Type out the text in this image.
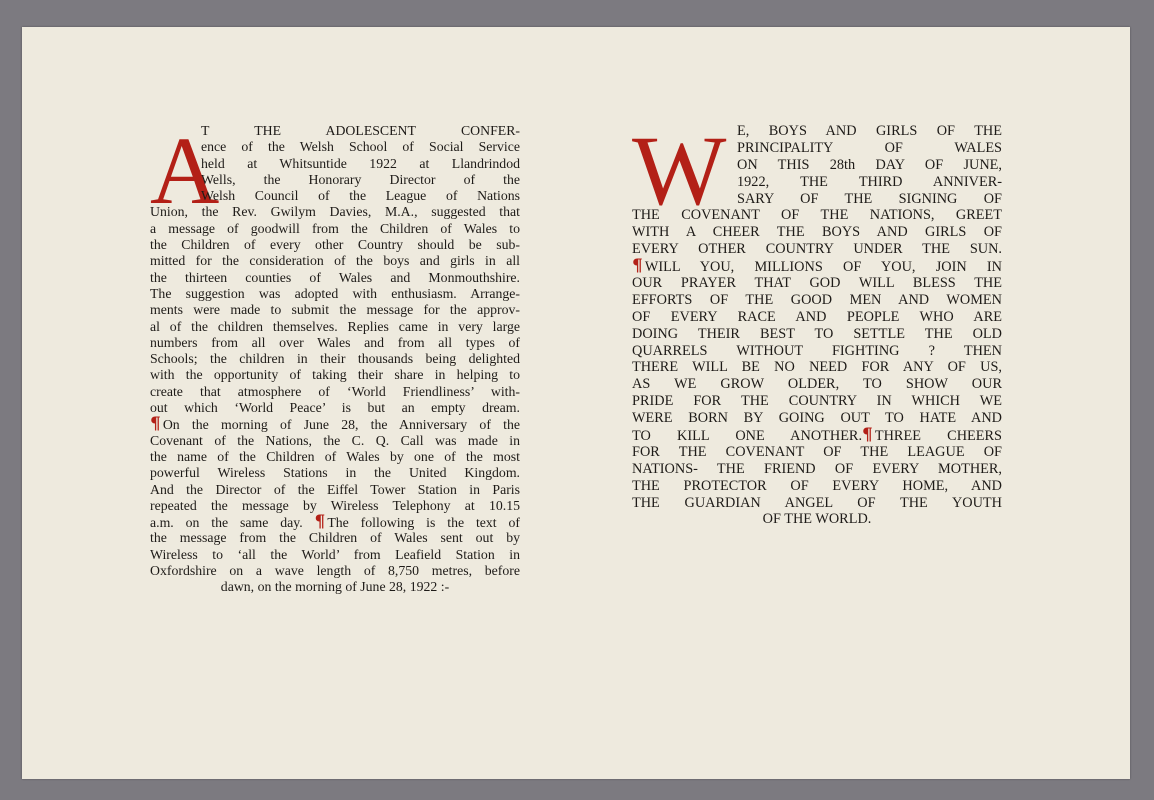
A
T THE ADOLESCENT CONFER-
ence of the Welsh School of Social Service
held at Whitsuntide 1922 at Llandrindod
Wells, the Honorary Director of the
Welsh Council of the League of Nations
Union, the Rev. Gwilym Davies, M.A., suggested that
a message of goodwill from the Children of Wales to
the Children of every other Country should be sub-
mitted for the consideration of the boys and girls in all
the thirteen counties of Wales and Monmouthshire.
The suggestion was adopted with enthusiasm. Arrange-
ments were made to submit the message for the approv-
al of the children themselves. Replies came in very large
numbers from all over Wales and from all types of
Schools; the children in their thousands being delighted
with the opportunity of taking their share in helping to
create that atmosphere of ‘World Friendliness’ with-
out which ‘World Peace’ is but an empty dream.
¶ On the morning of June 28, the Anniversary of the
Covenant of the Nations, the C. Q. Call was made in
the name of the Children of Wales by one of the most
powerful Wireless Stations in the United Kingdom.
And the Director of the Eiffel Tower Station in Paris
repeated the message by Wireless Telephony at 10.15
a.m. on the same day. ¶ The following is the text of
the message from the Children of Wales sent out by
Wireless to ‘all the World’ from Leafield Station in
Oxfordshire on a wave length of 8,750 metres, before
dawn, on the morning of June 28, 1922 :-
W E, BOYS AND GIRLS OF THE
PRINCIPALITY OF WALES
ON THIS 28th DAY OF JUNE,
1922, THE THIRD ANNIVER-
SARY OF THE SIGNING OF
THE COVENANT OF THE NATIONS, GREET
WITH A CHEER THE BOYS AND GIRLS OF
EVERY OTHER COUNTRY UNDER THE SUN.
¶ WILL YOU, MILLIONS OF YOU, JOIN IN
OUR PRAYER THAT GOD WILL BLESS THE
EFFORTS OF THE GOOD MEN AND WOMEN
OF EVERY RACE AND PEOPLE WHO ARE
DOING THEIR BEST TO SETTLE THE OLD
QUARRELS WITHOUT FIGHTING ? THEN
THERE WILL BE NO NEED FOR ANY OF US,
AS WE GROW OLDER, TO SHOW OUR
PRIDE FOR THE COUNTRY IN WHICH WE
WERE BORN BY GOING OUT TO HATE AND
TO KILL ONE ANOTHER.¶ THREE CHEERS
FOR THE COVENANT OF THE LEAGUE OF
NATIONS- THE FRIEND OF EVERY MOTHER,
THE PROTECTOR OF EVERY HOME, AND
THE GUARDIAN ANGEL OF THE YOUTH
OF THE WORLD.
